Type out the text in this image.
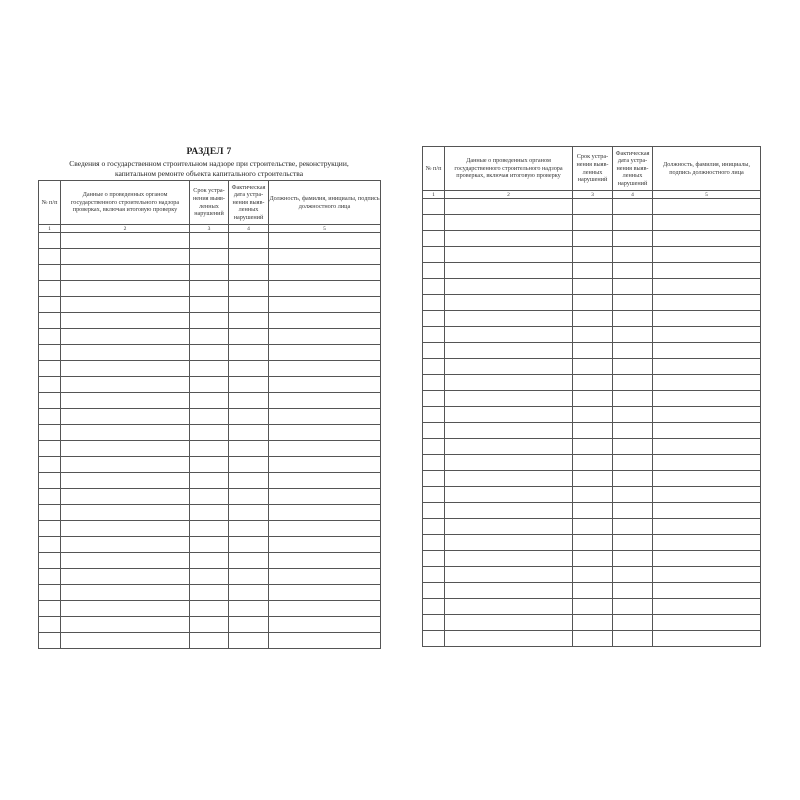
РАЗДЕЛ 7
Сведения о государственном строительном надзоре при строительстве, реконструкции,
капитальном ремонте объекта капитального строительства
№ п/п	Данные о проведенных органом государственного строительного надзора проверках, включая итоговую проверку	Срок устра-нения выяв-ленных нарушений	Фактическая дата устра-нения выяв-ленных нарушений	Должность, фамилия, инициалы, подпись должностного лица
1	2	3	4	5

№ п/п	Данные о проведенных органом государственного строительного надзора проверках, включая итоговую проверку	Срок устра-нения выяв-ленных нарушений	Фактическая дата устра-нения выяв-ленных нарушений	Должность, фамилия, инициалы, подпись должностного лица
1	2	3	4	5
